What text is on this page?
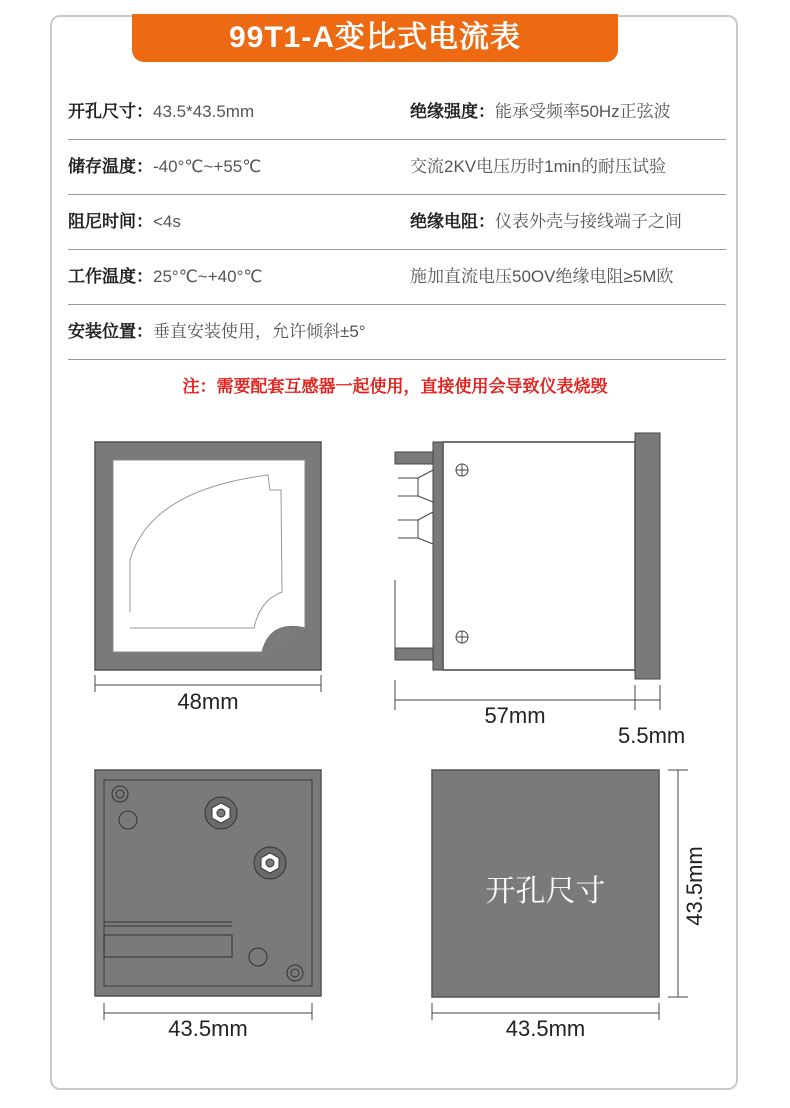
99T1-A变比式电流表
开孔尺寸：43.5*43.5mm	绝缘强度：能承受频率50Hz正弦波
储存温度：-40°℃~+55℃	交流2KV电压历时1min的耐压试验
阻尼时间：<4s	绝缘电阻：仪表外壳与接线端子之间
工作温度：25°℃~+40°℃	施加直流电压50OV绝缘电阻≥5M欧
安装位置：垂直安装使用，允许倾斜±5°
注：需要配套互感器一起使用，直接使用会导致仪表烧毁
48mm
57mm
5.5mm
43.5mm	43.5mm
43.5mm
开孔尺寸
